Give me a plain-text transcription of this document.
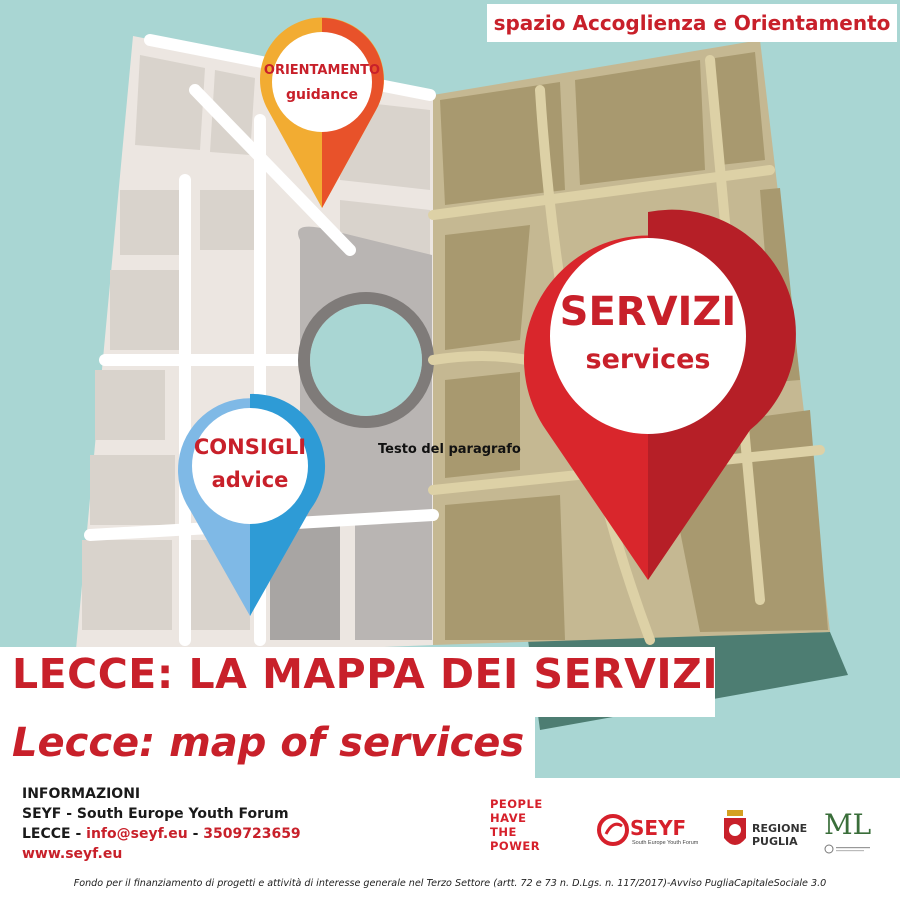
spazio Accoglienza e Orientamento
ORIENTAMENTO
guidance
SERVIZI
services
CONSIGLI
advice
Testo del paragrafo
LECCE: LA MAPPA DEI SERVIZI
Lecce: map of services
INFORMAZIONI
SEYF - South Europe Youth Forum
LECCE - info@seyf.eu - 3509723659
www.seyf.eu
PEOPLE
HAVE
THE
POWER
SEYF
South Europe Youth Forum
REGIONE
PUGLIA
ML
Fondo per il finanziamento di progetti e attività di interesse generale nel Terzo Settore (artt. 72 e 73 n. D.Lgs. n. 117/2017)-Avviso PugliaCapitaleSociale 3.0
